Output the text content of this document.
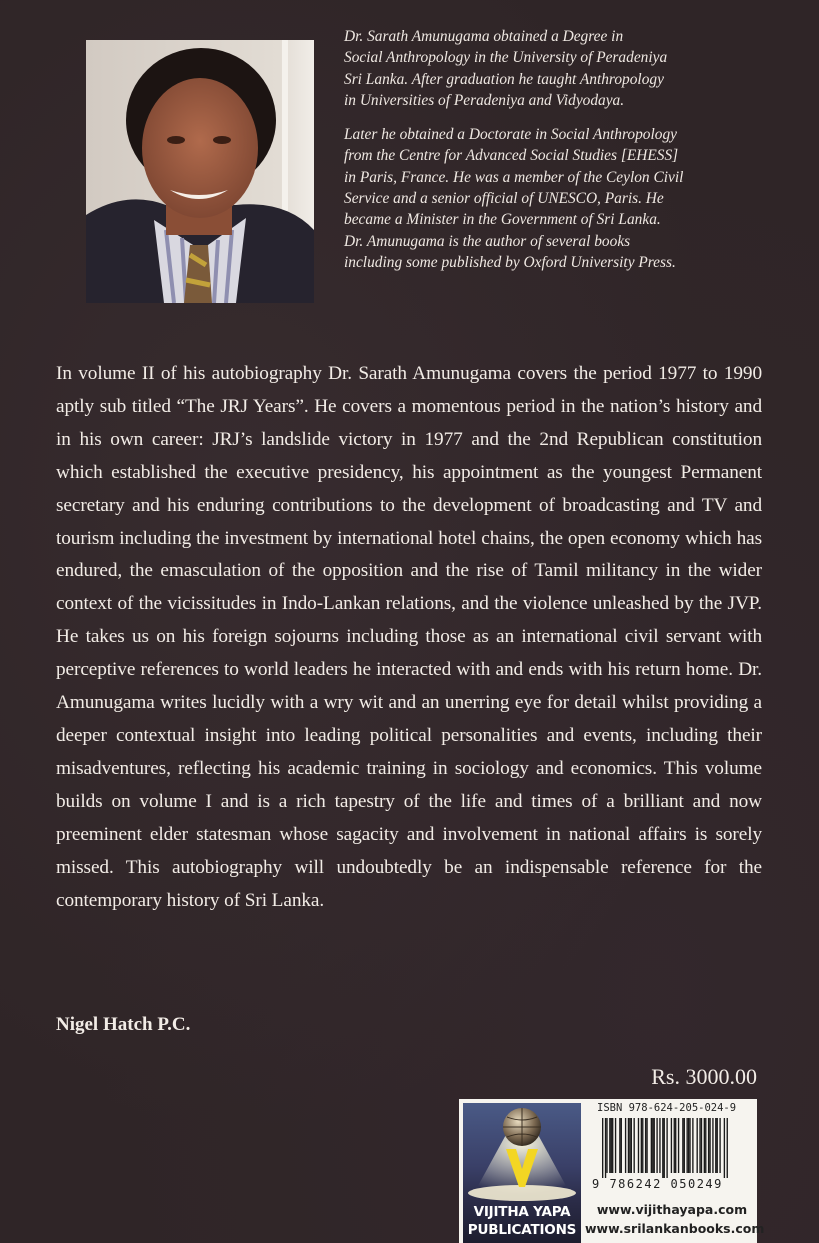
Dr. Sarath Amunugama obtained a Degree in
Social Anthropology in the University of Peradeniya
Sri Lanka. After graduation he taught Anthropology
in Universities of Peradeniya and Vidyodaya.

Later he obtained a Doctorate in Social Anthropology
from the Centre for Advanced Social Studies [EHESS]
in Paris, France. He was a member of the Ceylon Civil
Service and a senior official of UNESCO, Paris. He
became a Minister in the Government of Sri Lanka.
Dr. Amunugama is the author of several books
including some published by Oxford University Press.

In volume II of his autobiography Dr. Sarath Amunugama covers the period 1977 to 1990 aptly sub titled “The JRJ Years”. He covers a momentous period in the nation’s history and in his own career: JRJ’s landslide victory in 1977 and the 2nd Republican constitution which established the executive presidency, his appointment as the youngest Permanent secretary and his enduring contributions to the development of broadcasting and TV and tourism including the investment by international hotel chains, the open economy which has endured, the emasculation of the opposition and the rise of Tamil militancy in the wider context of the vicissitudes in Indo-Lankan relations, and the violence unleashed by the JVP. He takes us on his foreign sojourns including those as an international civil servant with perceptive references to world leaders he interacted with and ends with his return home. Dr. Amunugama writes lucidly with a wry wit and an unerring eye for detail whilst providing a deeper contextual insight into leading political personalities and events, including their misadventures, reflecting his academic training in sociology and economics. This volume builds on volume I and is a rich tapestry of the life and times of a brilliant and now preeminent elder statesman whose sagacity and involvement in national affairs is sorely missed. This autobiography will undoubtedly be an indispensable reference for the contemporary history of Sri Lanka.
Nigel Hatch P.C.
Rs. 3000.00
VIJITHA YAPA
PUBLICATIONS
ISBN 978-624-205-024-9
9 786242 050249
www.vijithayapa.com
www.srilankanbooks.com
